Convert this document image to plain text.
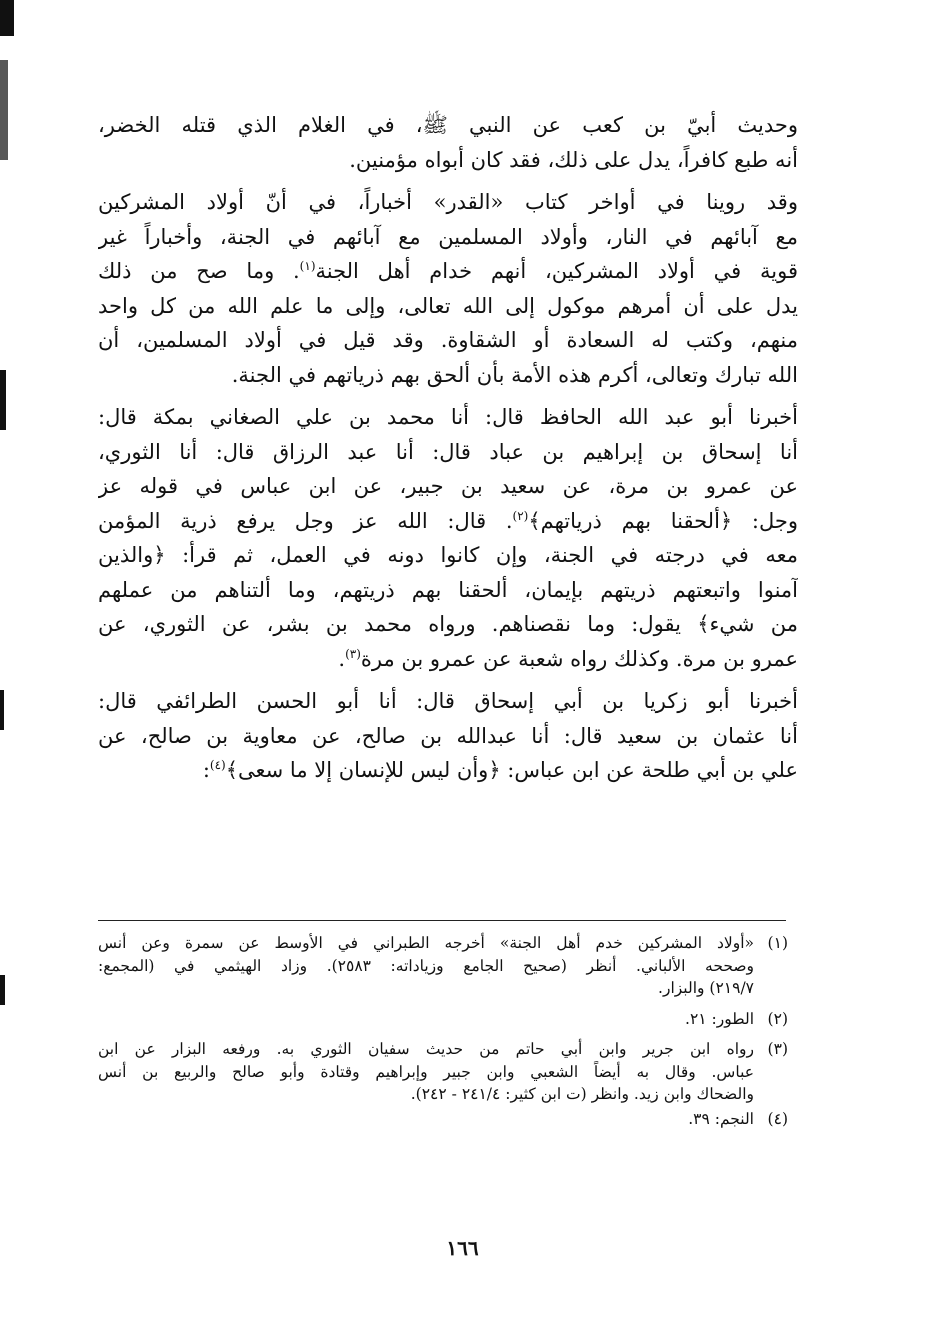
وحديث أبيّ بن كعب عن النبي ﷺ، في الغلام الذي قتله الخضر،
أنه طبع كافراً، يدل على ذلك، فقد كان أبواه مؤمنين.
وقد روينا في أواخر كتاب «القدر» أخباراً، في أنّ أولاد المشركين
مع آبائهم في النار، وأولاد المسلمين مع آبائهم في الجنة، وأخباراً غير
قوية في أولاد المشركين، أنهم خدام أهل الجنة$^{(١)}$. وما صح من ذلك
يدل على أن أمرهم موكول إلى الله تعالى، وإلى ما علم الله من كل واحد
منهم، وكتب له السعادة أو الشقاوة. وقد قيل في أولاد المسلمين، أن
الله تبارك وتعالى، أكرم هذه الأمة بأن ألحق بهم ذرياتهم في الجنة.
أخبرنا أبو عبد الله الحافظ قال: أنا محمد بن علي الصغاني بمكة قال:
أنا إسحاق بن إبراهيم بن عباد قال: أنا عبد الرزاق قال: أنا الثوري،
عن عمرو بن مرة، عن سعيد بن جبير، عن ابن عباس في قوله عز
وجل: ﴿ألحقنا بهم ذرياتهم﴾$^{(٢)}$. قال: الله عز وجل يرفع ذرية المؤمن
معه في درجته في الجنة، وإن كانوا دونه في العمل، ثم قرأ: ﴿والذين
آمنوا واتبعتهم ذريتهم بإيمان، ألحقنا بهم ذريتهم، وما ألتناهم من عملهم
من شيء﴾ يقول: وما نقصناهم. ورواه محمد بن بشر، عن الثوري، عن
عمرو بن مرة. وكذلك رواه شعبة عن عمرو بن مرة$^{(٣)}$.
أخبرنا أبو زكريا بن أبي إسحاق قال: أنا أبو الحسن الطرائفي قال:
أنا عثمان بن سعيد قال: أنا عبدالله بن صالح، عن معاوية بن صالح، عن
علي بن أبي طلحة عن ابن عباس: ﴿وأن ليس للإنسان إلا ما سعى﴾$^{(٤)}$:
(١)
«أولاد المشركين خدم أهل الجنة» أخرجه الطبراني في الأوسط عن سمرة وعن أنس
وصححه الألباني. أنظر (صحيح الجامع وزياداته: ٢٥٨٣). وزاد الهيثمي في (المجمع:
٢١٩/٧) والبزار.
(٢)
الطور: ٢١.
(٣)
رواه ابن جرير وابن أبي حاتم من حديث سفيان الثوري به. ورفعه البزار عن ابن
عباس. وقال به أيضاً الشعبي وابن جبير وإبراهيم وقتادة وأبو صالح والربيع بن أنس
والضحاك وابن زيد. وانظر (ت ابن كثير: ٢٤١/٤ - ٢٤٢).
(٤)
النجم: ٣٩.
١٦٦
